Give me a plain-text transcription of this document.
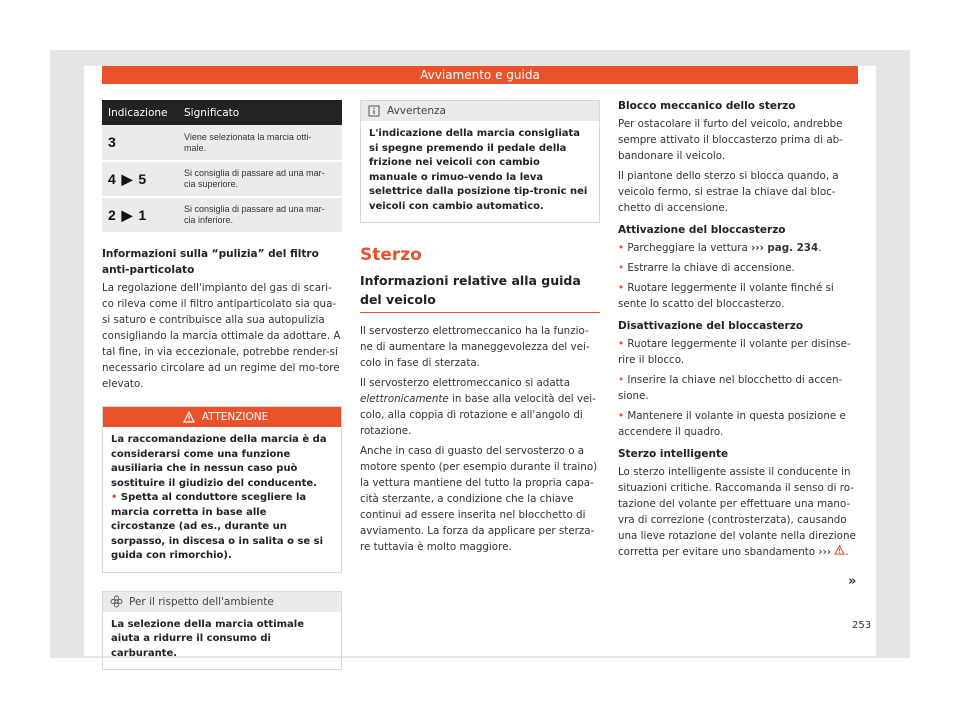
Avviamento e guida
Indicazione	Significato
3	Viene selezionata la marcia otti-
male.
4 ▶ 5	Si consiglia di passare ad una mar-
cia superiore.
2 ▶ 1	Si consiglia di passare ad una mar-
cia inferiore.
Informazioni sulla “pulizia” del filtro anti-particolato

La regolazione dell'impianto del gas di scari-co rileva come il filtro antiparticolato sia qua-si saturo e contribuisce alla sua autopulizia consigliando la marcia ottimale da adottare. A tal fine, in via eccezionale, potrebbe render-si necessario circolare ad un regime del mo-tore elevato.

ATTENZIONE
La raccomandazione della marcia è da considerarsi come una funzione ausiliaria che in nessun caso può sostituire il giudizio del conducente.
• Spetta al conduttore scegliere la marcia corretta in base alle circostanze (ad es., durante un sorpasso, in discesa o in salita o se si guida con rimorchio).
Per il rispetto dell'ambiente
La selezione della marcia ottimale aiuta a ridurre il consumo di carburante.
Avvertenza
L'indicazione della marcia consigliata si spegne premendo il pedale della frizione nei veicoli con cambio manuale o rimuo-vendo la leva selettrice dalla posizione tip-tronic nei veicoli con cambio automatico.
Sterzo
Informazioni relative alla guida del veicolo

Il servosterzo elettromeccanico ha la funzio-ne di aumentare la maneggevolezza del vei-colo in fase di sterzata.

Il servosterzo elettromeccanico si adatta elettronicamente in base alla velocità del vei-colo, alla coppia di rotazione e all'angolo di rotazione.

Anche in caso di guasto del servosterzo o a motore spento (per esempio durante il traino) la vettura mantiene del tutto la propria capa-cità sterzante, a condizione che la chiave continui ad essere inserita nel blocchetto di avviamento. La forza da applicare per sterza-re tuttavia è molto maggiore.

Blocco meccanico dello sterzo

Per ostacolare il furto del veicolo, andrebbe sempre attivato il bloccasterzo prima di ab-bandonare il veicolo.

Il piantone dello sterzo si blocca quando, a veicolo fermo, si estrae la chiave dal bloc-chetto di accensione.

Attivazione del bloccasterzo

• Parcheggiare la vettura ››› pag. 234.

• Estrarre la chiave di accensione.

• Ruotare leggermente il volante finché si sente lo scatto del bloccasterzo.

Disattivazione del bloccasterzo

• Ruotare leggermente il volante per disinse-rire il blocco.

• Inserire la chiave nel blocchetto di accen-sione.

• Mantenere il volante in questa posizione e accendere il quadro.

Sterzo intelligente

Lo sterzo intelligente assiste il conducente in situazioni critiche. Raccomanda il senso di ro-tazione del volante per effettuare una mano-vra di correzione (controsterzata), causando una lieve rotazione del volante nella direzione corretta per evitare uno sbandamento ››› .

»
253
